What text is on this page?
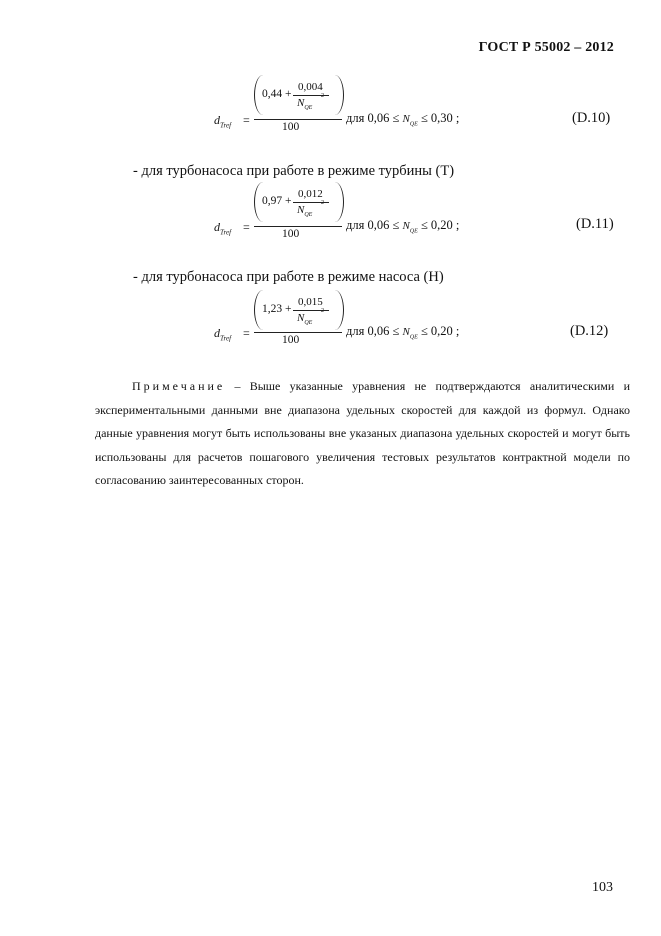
ГОСТ Р 55002 – 2012
$d_{Tref}$ =
0,44 +
0,004
$N_{QE}$
2
100
для $0,06 \le N_{QE} \le 0,30$ ;	(D.10)
- для турбонасоса при работе в режиме турбины (Т)
$d_{Tref}$ =
0,97 +
0,012
$N_{QE}$
2
100
для $0,06 \le N_{QE} \le 0,20$ ;	(D.11)
- для турбонасоса при работе в режиме насоса (Н)
$d_{Tref}$ =
1,23 +
0,015
$N_{QE}$
2
100
для $0,06 \le N_{QE} \le 0,20$ ;	(D.12)

Примечание – Выше указанные уравнения не подтверждаются аналитическими и экспериментальными данными вне диапазона удельных скоростей для каждой из формул. Однако данные уравнения могут быть использованы вне указаных диапазона удельных скоростей и могут быть использованы для расчетов пошагового увеличения тестовых результатов контрактной модели по согласованию заинтересованных сторон.

103
